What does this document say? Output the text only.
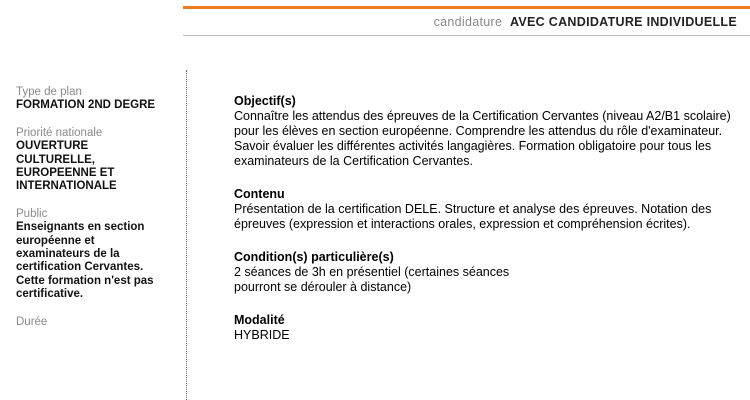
candidature AVEC CANDIDATURE INDIVIDUELLE
Type de plan
FORMATION 2ND DEGRE
Priorité nationale
OUVERTURE CULTURELLE, EUROPEENNE ET INTERNATIONALE
Public
Enseignants en section européenne et examinateurs de la certification Cervantes. Cette formation n'est pas certificative.
Durée
Objectif(s)
Connaître les attendus des épreuves de la Certification Cervantes (niveau A2/B1 scolaire) pour les élèves en section européenne. Comprendre les attendus du rôle d'examinateur. Savoir évaluer les différentes activités langagières. Formation obligatoire pour tous les examinateurs de la Certification Cervantes.
Contenu
Présentation de la certification DELE. Structure et analyse des épreuves. Notation des épreuves (expression et interactions orales, expression et compréhension écrites).
Condition(s) particulière(s)
2 séances de 3h en présentiel (certaines séances
pourront se dérouler à distance)
Modalité
HYBRIDE
